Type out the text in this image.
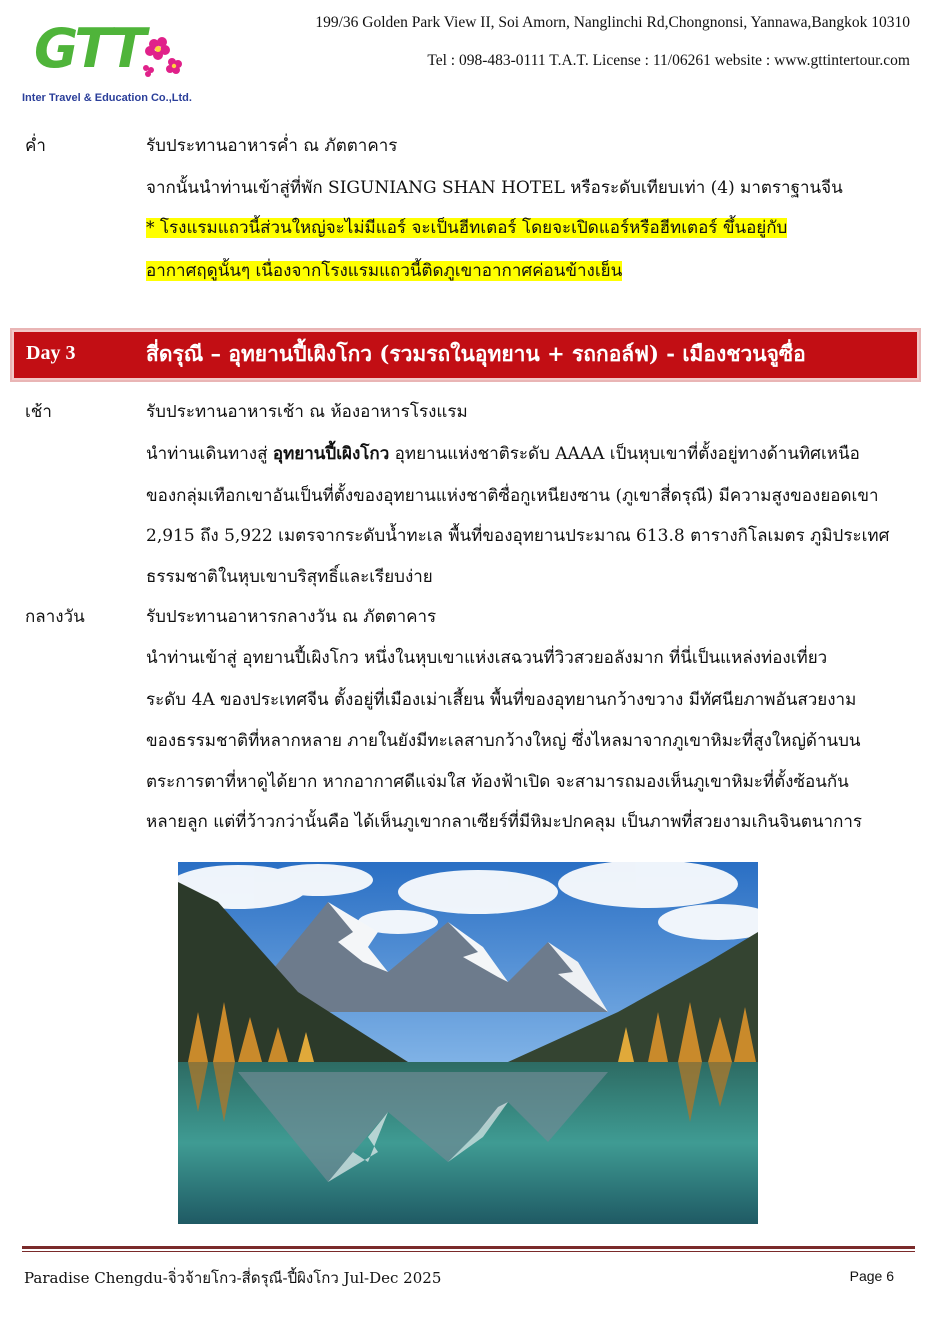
GTT
Inter Travel & Education Co.,Ltd.
199/36 Golden Park View II, Soi Amorn, Nanglinchi Rd,Chongnonsi, Yannawa,Bangkok 10310
Tel : 098-483-0111 T.A.T. License : 11/06261 website : www.gttintertour.com
ค่ำ	รับประทานอาหารค่ำ ณ ภัตตาคาร
จากนั้นนำท่านเข้าสู่ที่พัก SIGUNIANG SHAN HOTEL หรือระดับเทียบเท่า (4) มาตราฐานจีน
* โรงแรมแถวนี้ส่วนใหญ่จะไม่มีแอร์ จะเป็นฮีทเตอร์ โดยจะเปิดแอร์หรือฮีทเตอร์ ขึ้นอยู่กับ
อากาศฤดูนั้นๆ เนื่องจากโรงแรมแถวนี้ติดภูเขาอากาศค่อนข้างเย็น
Day 3	สี่ดรุณี – อุทยานปี้เผิงโกว (รวมรถในอุทยาน + รถกอล์ฟ) - เมืองชวนจูซื่อ
เช้า	รับประทานอาหารเช้า ณ ห้องอาหารโรงแรม
นำท่านเดินทางสู่ อุทยานปี้เผิงโกว อุทยานแห่งชาติระดับ AAAA เป็นหุบเขาที่ตั้งอยู่ทางด้านทิศเหนือ
ของกลุ่มเทือกเขาอันเป็นที่ตั้งของอุทยานแห่งชาติซื่อกูเหนียงซาน (ภูเขาสี่ดรุณี) มีความสูงของยอดเขา
2,915 ถึง 5,922 เมตรจากระดับน้ำทะเล พื้นที่ของอุทยานประมาณ 613.8 ตารางกิโลเมตร ภูมิประเทศ
ธรรมชาติในหุบเขาบริสุทธิ์และเรียบง่าย
กลางวัน	รับประทานอาหารกลางวัน ณ ภัตตาคาร
นำท่านเข้าสู่ อุทยานปี้เผิงโกว หนึ่งในหุบเขาแห่งเสฉวนที่วิวสวยอลังมาก ที่นี่เป็นแหล่งท่องเที่ยว
ระดับ 4A ของประเทศจีน ตั้งอยู่ที่เมืองเม่าเสี้ยน พื้นที่ของอุทยานกว้างขวาง มีทัศนียภาพอันสวยงาม
ของธรรมชาติที่หลากหลาย ภายในยังมีทะเลสาบกว้างใหญ่ ซึ่งไหลมาจากภูเขาหิมะที่สูงใหญ่ด้านบน
ตระการตาที่หาดูได้ยาก หากอากาศดีแจ่มใส ท้องฟ้าเปิด จะสามารถมองเห็นภูเขาหิมะที่ตั้งซ้อนกัน
หลายลูก แต่ที่ว้าวกว่านั้นคือ ได้เห็นภูเขากลาเซียร์ที่มีหิมะปกคลุม เป็นภาพที่สวยงามเกินจินตนาการ
Paradise Chengdu-จิ่วจ้ายโกว-สี่ดรุณี-ปี้ผิงโกว Jul-Dec 2025	Page 6
